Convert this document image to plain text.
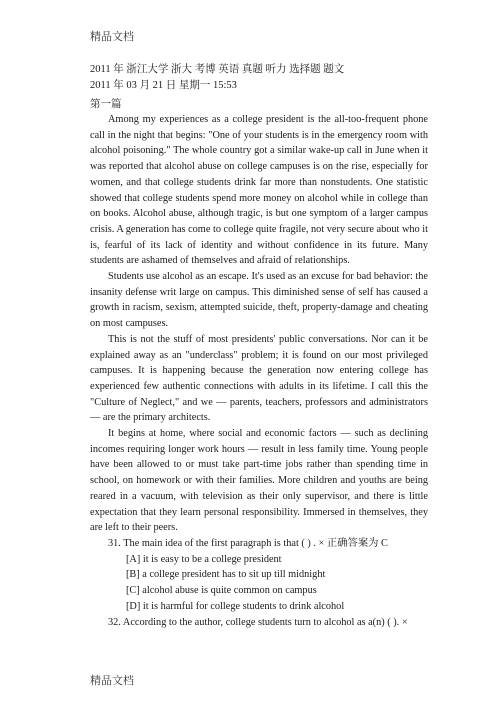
精品文档
2011 年 浙江大学 浙大 考博 英语 真题 听力 选择题 题文
2011 年 03 月 21 日 星期一 15:53
第一篇

Among my experiences as a college president is the all-too-frequent phone call in the night that begins: "One of your students is in the emergency room with alcohol poisoning." The whole country got a similar wake-up call in June when it was reported that alcohol abuse on college campuses is on the rise, especially for women, and that college students drink far more than nonstudents. One statistic showed that college students spend more money on alcohol while in college than on books. Alcohol abuse, although tragic, is but one symptom of a larger campus crisis. A generation has come to college quite fragile, not very secure about who it is, fearful of its lack of identity and without confidence in its future. Many students are ashamed of themselves and afraid of relationships.

Students use alcohol as an escape. It's used as an excuse for bad behavior: the insanity defense writ large on campus. This diminished sense of self has caused a growth in racism, sexism, attempted suicide, theft, property-damage and cheating on most campuses.

This is not the stuff of most presidents' public conversations. Nor can it be explained away as an "underclass" problem; it is found on our most privileged campuses. It is happening because the generation now entering college has experienced few authentic connections with adults in its lifetime. I call this the "Culture of Neglect," and we — parents, teachers, professors and administrators — are the primary architects.

It begins at home, where social and economic factors — such as declining incomes requiring longer work hours — result in less family time. Young people have been allowed to or must take part-time jobs rather than spending time in school, on homework or with their families. More children and youths are being reared in a vacuum, with television as their only supervisor, and there is little expectation that they learn personal responsibility. Immersed in themselves, they are left to their peers.

31. The main idea of the first paragraph is that ( ) . × 正确答案为 C
[A] it is easy to be a college president
[B] a college president has to sit up till midnight
[C] alcohol abuse is quite common on campus
[D] it is harmful for college students to drink alcohol
32. According to the author, college students turn to alcohol as a(n) ( ). ×
精品文档
